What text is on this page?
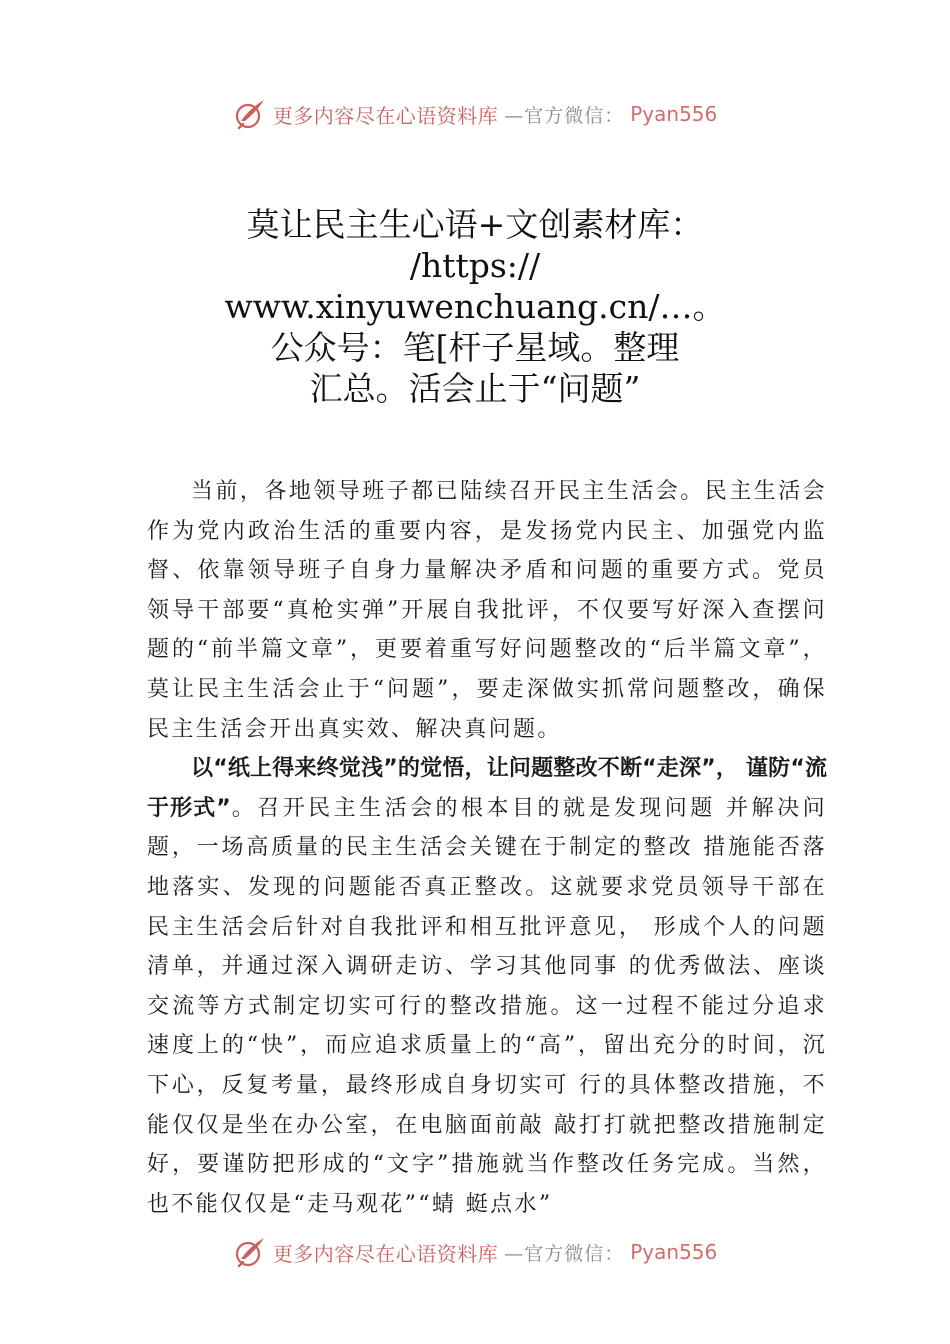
更多内容尽在心语资料库 —官方微信： Pyan556
莫让民主生心语+文创素材库：
/https://
www.xinyuwenchuang.cn/…。
公众号：笔[杆子星域。整理
汇总。活会止于“问题”

当前，各地领导班子都已陆续召开民主生活会。民主生活会作为党内政治生活的重要内容，是发扬党内民主、加强党内监督、依靠领导班子自身力量解决矛盾和问题的重要方式。党员领导干部要“真枪实弹”开展自我批评，不仅要写好深入查摆问题的“前半篇文章”，更要着重写好问题整改的“后半篇文章”，莫让民主生活会止于“问题”，要走深做实抓常问题整改，确保民主生活会开出真实效、解决真问题。

以“纸上得来终觉浅”的觉悟，让问题整改不断“走深”， 谨防“流于形式”。召开民主生活会的根本目的就是发现问题 并解决问题，一场高质量的民主生活会关键在于制定的整改 措施能否落地落实、发现的问题能否真正整改。这就要求党员领导干部在民主生活会后针对自我批评和相互批评意见， 形成个人的问题清单，并通过深入调研走访、学习其他同事 的优秀做法、座谈交流等方式制定切实可行的整改措施。这一过程不能过分追求速度上的“快”，而应追求质量上的“高”，留出充分的时间，沉下心，反复考量，最终形成自身切实可 行的具体整改措施，不能仅仅是坐在办公室，在电脑面前敲 敲打打就把整改措施制定好，要谨防把形成的“文字”措施就当作整改任务完成。当然，也不能仅仅是“走马观花”“蜻 蜓点水”

更多内容尽在心语资料库 —官方微信： Pyan556
